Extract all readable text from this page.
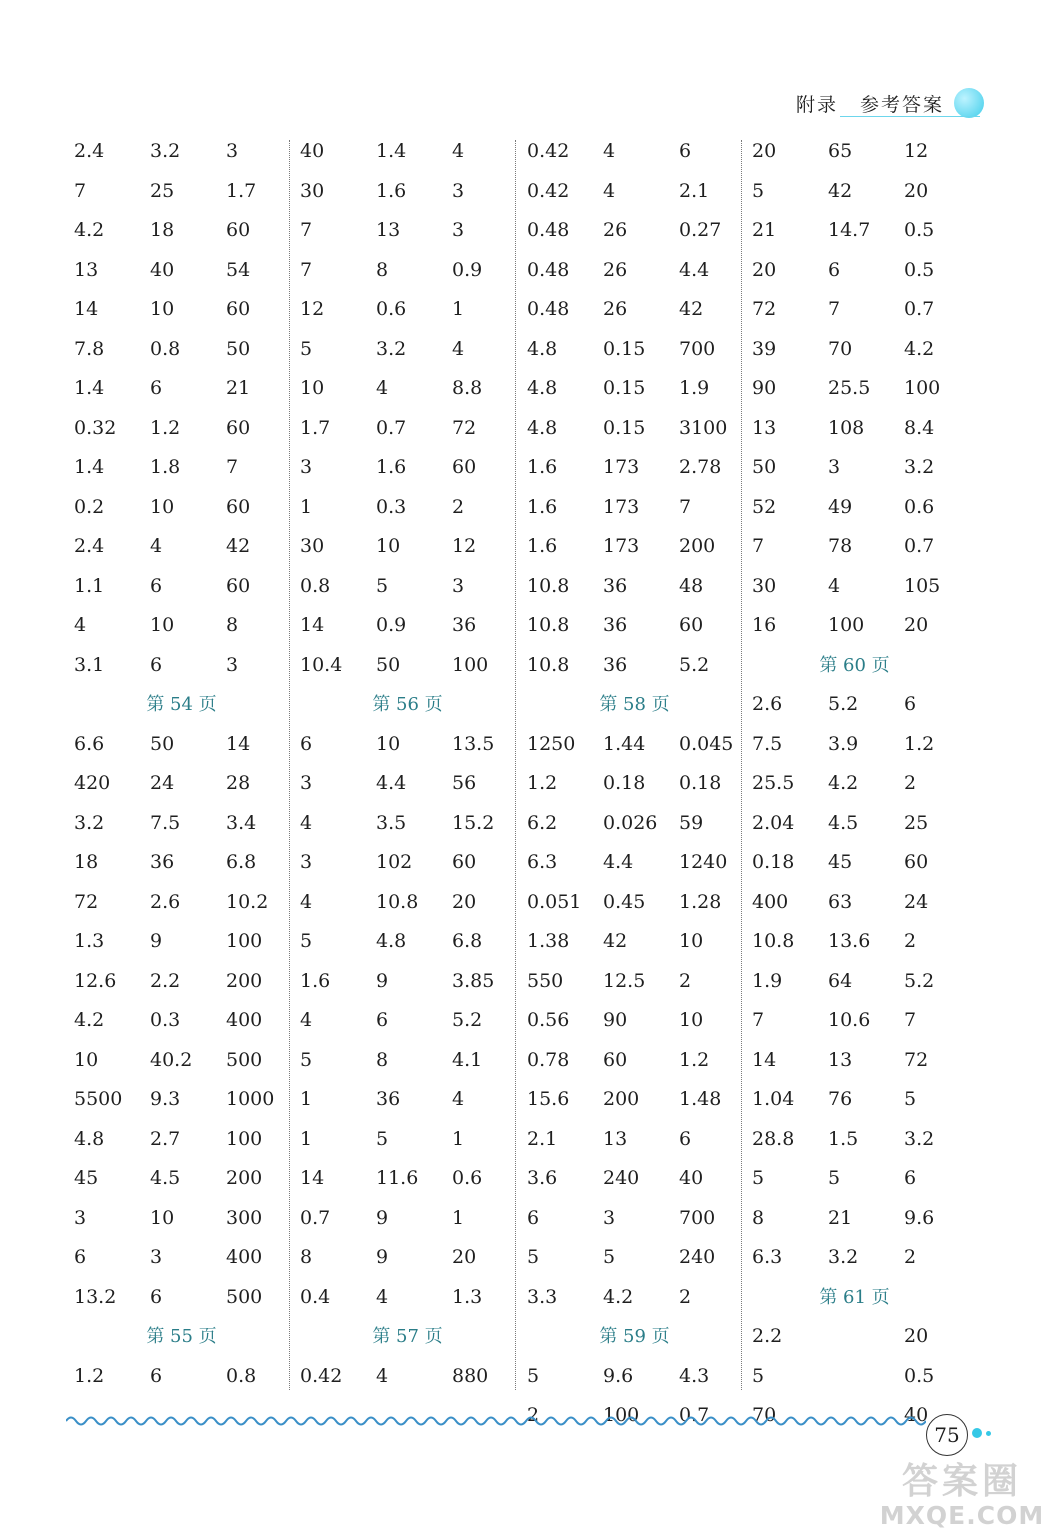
附录 参考答案
2.4 3.2 3
7	25	1.7
4.2 18	60
13	40	54
14	10	60
7.8 0.8 50
1.4 6	21
0.32 1.2 60
1.4 1.8 7
0.2 10	60
2.4 4	42
1.1 6	60
4	10	8
3.1 6	3
第 54 页
6.6 50	14
420 24	28
3.2 7.5 3.4
18	36	6.8
72	2.6 10.2
1.3 9	100
12.6 2.2 200
4.2 0.3 400
10	40.2 500
5500 9.3 1000
4.8 2.7 100
45	4.5 200
3	10	300
6	3	400
13.2 6	500
第 55 页
1.2 6	0.8
40	1.4 4
30	1.6 3
7	13	3
7	8	0.9
12	0.6 1
5	3.2 4
10	4	8.8
1.7 0.7 72
3	1.6 60
1	0.3 2
30	10	12
0.8 5	3
14	0.9 36
10.4 50	100
第 56 页
6	10	13.5
3	4.4 56
4	3.5 15.2
3	102 60
4	10.8 20
5	4.8 6.8
1.6 9	3.85
4	6	5.2
5	8	4.1
1	36	4
1	5	1
14	11.6 0.6
0.7 9	1
8	9	20
0.4 4	1.3
第 57 页
0.42 4	880
0.42 4	6
0.42 4	2.1
0.48 26	0.27
0.48 26	4.4
0.48 26	42
4.8 0.15 700
4.8 0.15 1.9
4.8 0.15 3100
1.6 173 2.78
1.6 173 7
1.6 173 200
10.8 36	48
10.8 36	60
10.8 36	5.2
第 58 页
1250 1.44 0.045
1.2 0.18 0.18
6.2 0.026 59
6.3 4.4 1240
0.051 0.45 1.28
1.38 42	10
550 12.5 2
0.56 90	10
0.78 60	1.2
15.6 200 1.48
2.1 13	6
3.6 240 40
6	3	700
5	5	240
3.3 4.2 2
第 59 页
5	9.6 4.3
2	100 0.7
20	65	12
5	42	20
21	14.7 0.5
20	6	0.5
72	7	0.7
39	70	4.2
90	25.5 100
13	108 8.4
50	3	3.2
52	49	0.6
7	78	0.7
30	4	105
16	100 20
第 60 页
2.6 5.2 6
7.5 3.9 1.2
25.5 4.2 2
2.04 4.5 25
0.18 45	60
400 63	24
10.8 13.6 2
1.9 64	5.2
7	10.6 7
14	13	72
1.04 76	5
28.8 1.5 3.2
5	5	6
8	21	9.6
6.3 3.2 2
第 61 页
2.2	20
5	0.5
70	40
75
答案圈
MXQE.COM
